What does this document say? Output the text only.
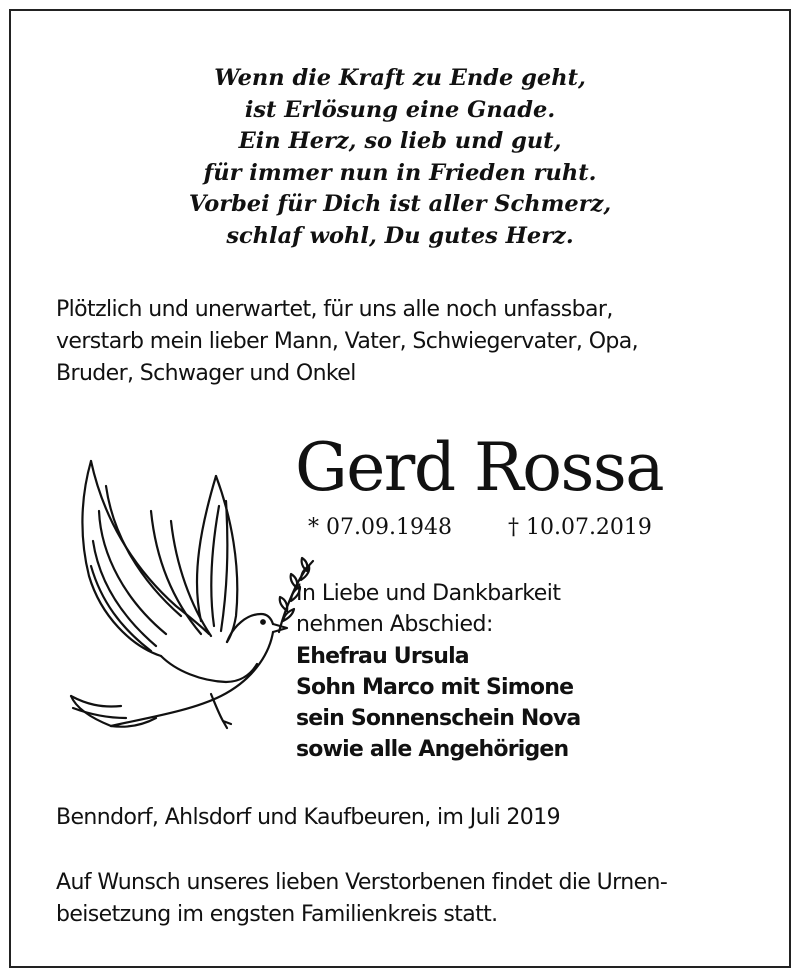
Wenn die Kraft zu Ende geht,
ist Erlösung eine Gnade.
Ein Herz, so lieb und gut,
für immer nun in Frieden ruht.
Vorbei für Dich ist aller Schmerz,
schlaf wohl, Du gutes Herz.
Plötzlich und unerwartet, für uns alle noch unfassbar,
verstarb mein lieber Mann, Vater, Schwiegervater, Opa,
Bruder, Schwager und Onkel
Gerd Rossa
* 07.09.1948	† 10.07.2019
In Liebe und Dankbarkeit
nehmen Abschied:
Ehefrau Ursula
Sohn Marco mit Simone
sein Sonnenschein Nova
sowie alle Angehörigen
Benndorf, Ahlsdorf und Kaufbeuren, im Juli 2019
Auf Wunsch unseres lieben Verstorbenen findet die Urnen-
beisetzung im engsten Familienkreis statt.
